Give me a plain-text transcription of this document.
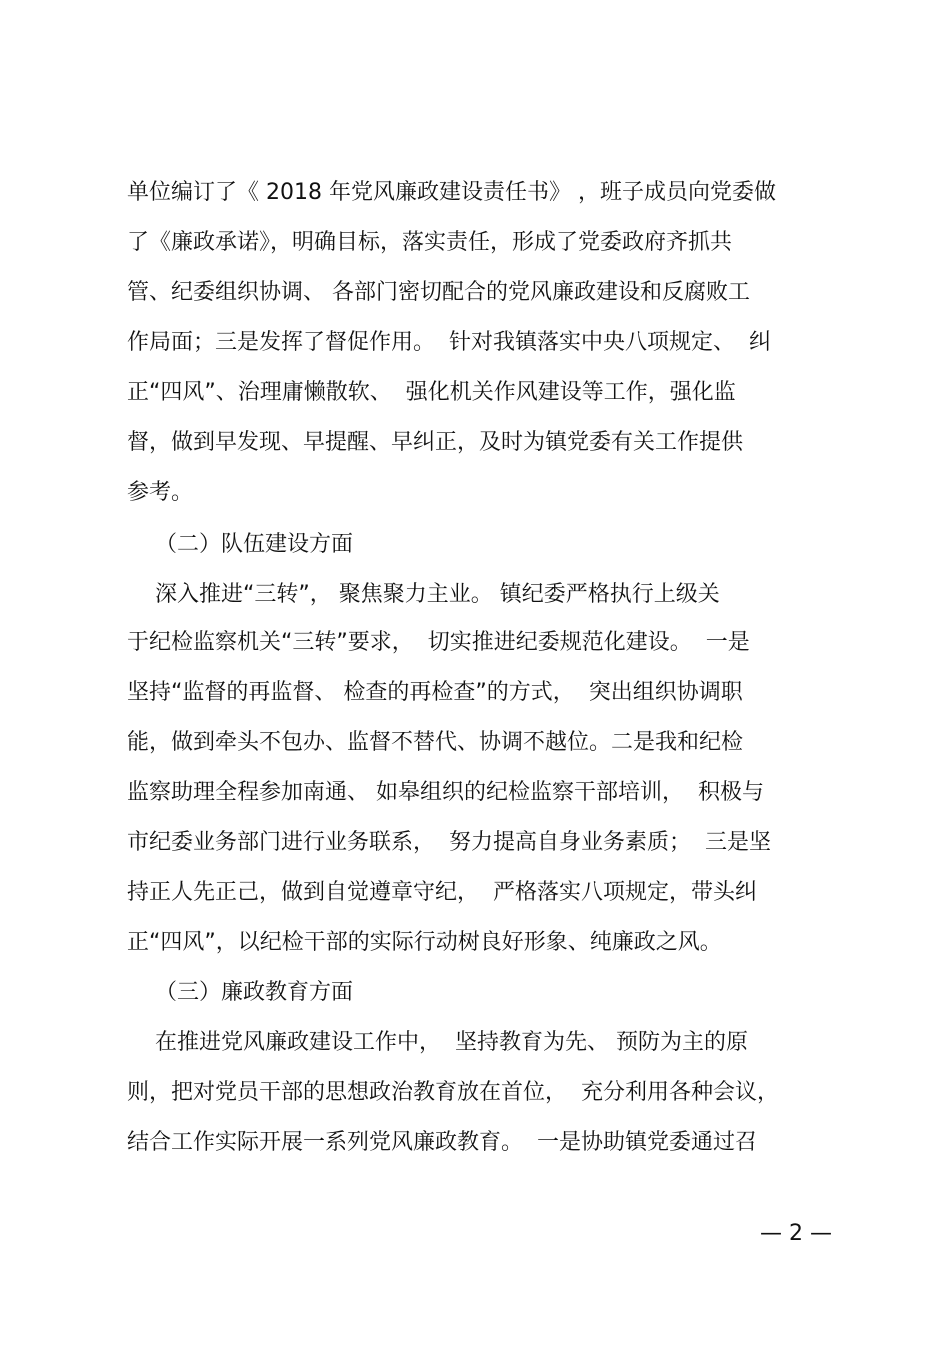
单位编订了《 2018 年党风廉政建设责任书》 ，班子成员向党委做
了《廉政承诺》，明确目标，落实责任，形成了党委政府齐抓共
管、纪委组织协调、 各部门密切配合的党风廉政建设和反腐败工
作局面；三是发挥了督促作用。  针对我镇落实中央八项规定、  纠
正“四风”、治理庸懒散软、  强化机关作风建设等工作，强化监
督，做到早发现、早提醒、早纠正，及时为镇党委有关工作提供
参考。
（二）队伍建设方面
深入推进“三转”， 聚焦聚力主业。 镇纪委严格执行上级关
于纪检监察机关“三转”要求，  切实推进纪委规范化建设。  一是
坚持“监督的再监督、 检查的再检查”的方式，  突出组织协调职
能，做到牵头不包办、监督不替代、协调不越位。二是我和纪检
监察助理全程参加南通、 如皋组织的纪检监察干部培训，  积极与
市纪委业务部门进行业务联系，  努力提高自身业务素质；  三是坚
持正人先正己，做到自觉遵章守纪，  严格落实八项规定，带头纠
正“四风”，以纪检干部的实际行动树良好形象、纯廉政之风。
（三）廉政教育方面
在推进党风廉政建设工作中，  坚持教育为先、 预防为主的原
则，把对党员干部的思想政治教育放在首位，  充分利用各种会议，
结合工作实际开展一系列党风廉政教育。  一是协助镇党委通过召
— 2 —
